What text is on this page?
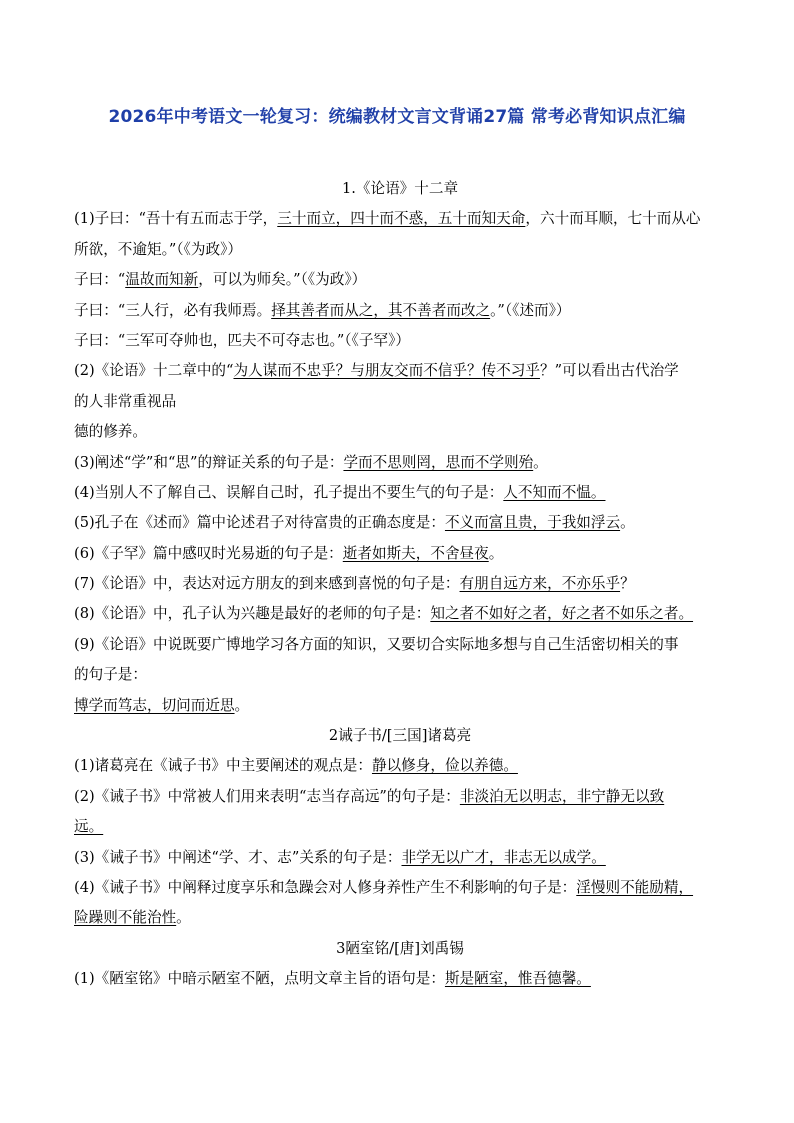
2026年中考语文一轮复习：统编教材文言文背诵27篇 常考必背知识点汇编
1.《论语》十二章
(1)子曰：“吾十有五而志于学，三十而立，四十而不惑，五十而知天命，六十而耳顺，七十而从心
所欲，不逾矩。”（《为政》）
子曰：“温故而知新，可以为师矣。”（《为政》）
子曰：“三人行，必有我师焉。择其善者而从之，其不善者而改之。”（《述而》）
子曰：“三军可夺帅也，匹夫不可夺志也。”（《子罕》）
(2)《论语》十二章中的“为人谋而不忠乎？与朋友交而不信乎？传不习乎？”可以看出古代治学
的人非常重视品
德的修养。
(3)阐述“学”和“思”的辩证关系的句子是：学而不思则罔，思而不学则殆。
(4)当别人不了解自己、误解自己时，孔子提出不要生气的句子是：人不知而不愠。
(5)孔子在《述而》篇中论述君子对待富贵的正确态度是：不义而富且贵，于我如浮云。
(6)《子罕》篇中感叹时光易逝的句子是：逝者如斯夫，不舍昼夜。
(7)《论语》中，表达对远方朋友的到来感到喜悦的句子是：有朋自远方来，不亦乐乎？
(8)《论语》中，孔子认为兴趣是最好的老师的句子是：知之者不如好之者，好之者不如乐之者。
(9)《论语》中说既要广博地学习各方面的知识，又要切合实际地多想与自己生活密切相关的事
的句子是：
博学而笃志，切问而近思。
2诫子书/[三国]诸葛亮
(1)诸葛亮在《诫子书》中主要阐述的观点是：静以修身，俭以养德。
(2)《诫子书》中常被人们用来表明“志当存高远”的句子是：非淡泊无以明志，非宁静无以致
远。
(3)《诫子书》中阐述“学、才、志”关系的句子是：非学无以广才，非志无以成学。
(4)《诫子书》中阐释过度享乐和急躁会对人修身养性产生不利影响的句子是：淫慢则不能励精，
险躁则不能治性。
3陋室铭/[唐]刘禹锡
(1)《陋室铭》中暗示陋室不陋，点明文章主旨的语句是：斯是陋室，惟吾德馨。
